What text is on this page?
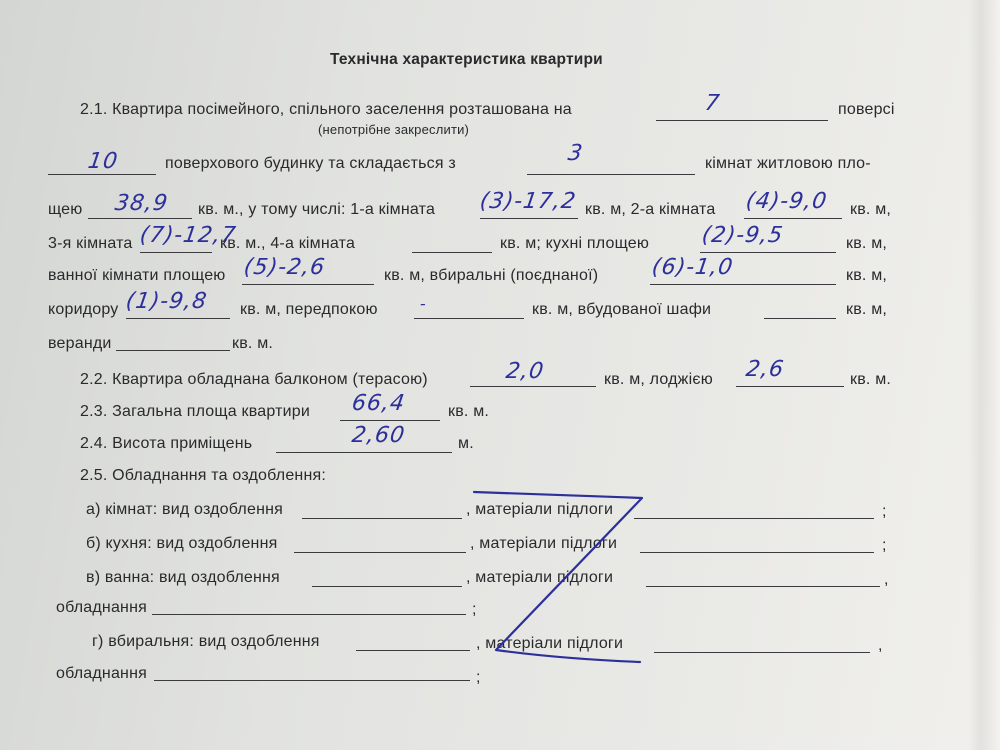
Технічна характеристика квартири
2.1. Квартира посімейного, спільного заселення розташована на	7	поверсі
(непотрібне закреслити)
10	поверхового будинку та складається з	3	кімнат житловою пло-
щею 38,9 кв. м., у тому числі: 1-а кімната (3)-17,2 кв. м, 2-а кімната (4)-9,0 кв. м,
3-я кімната (7)-12,7
кв. м., 4-а кімната	кв. м; кухні площею (2)-9,5	кв. м,
ванної кімнати площею (5)-2,6	кв. м, вбиральні (поєднаної) (6)-1,0	кв. м,
коридору (1)-9,8 кв. м, передпокою	-	кв. м, вбудованої шафи	кв. м,
веранди	кв. м.
2.2. Квартира обладнана балконом (терасою)	2,0	кв. м, лоджією 2,6	кв. м.
2.3. Загальна площа квартири 66,4	кв. м.
2.4. Висота приміщень	2,60	м.
2.5. Обладнання та оздоблення:
а) кімнат: вид оздоблення	, матеріали підлоги	;
б) кухня: вид оздоблення	, матеріали підлоги	;
в) ванна: вид оздоблення	, матеріали підлоги	,
обладнання	;
г) вбиральня: вид оздоблення	, матеріали підлоги	,
обладнання	;
